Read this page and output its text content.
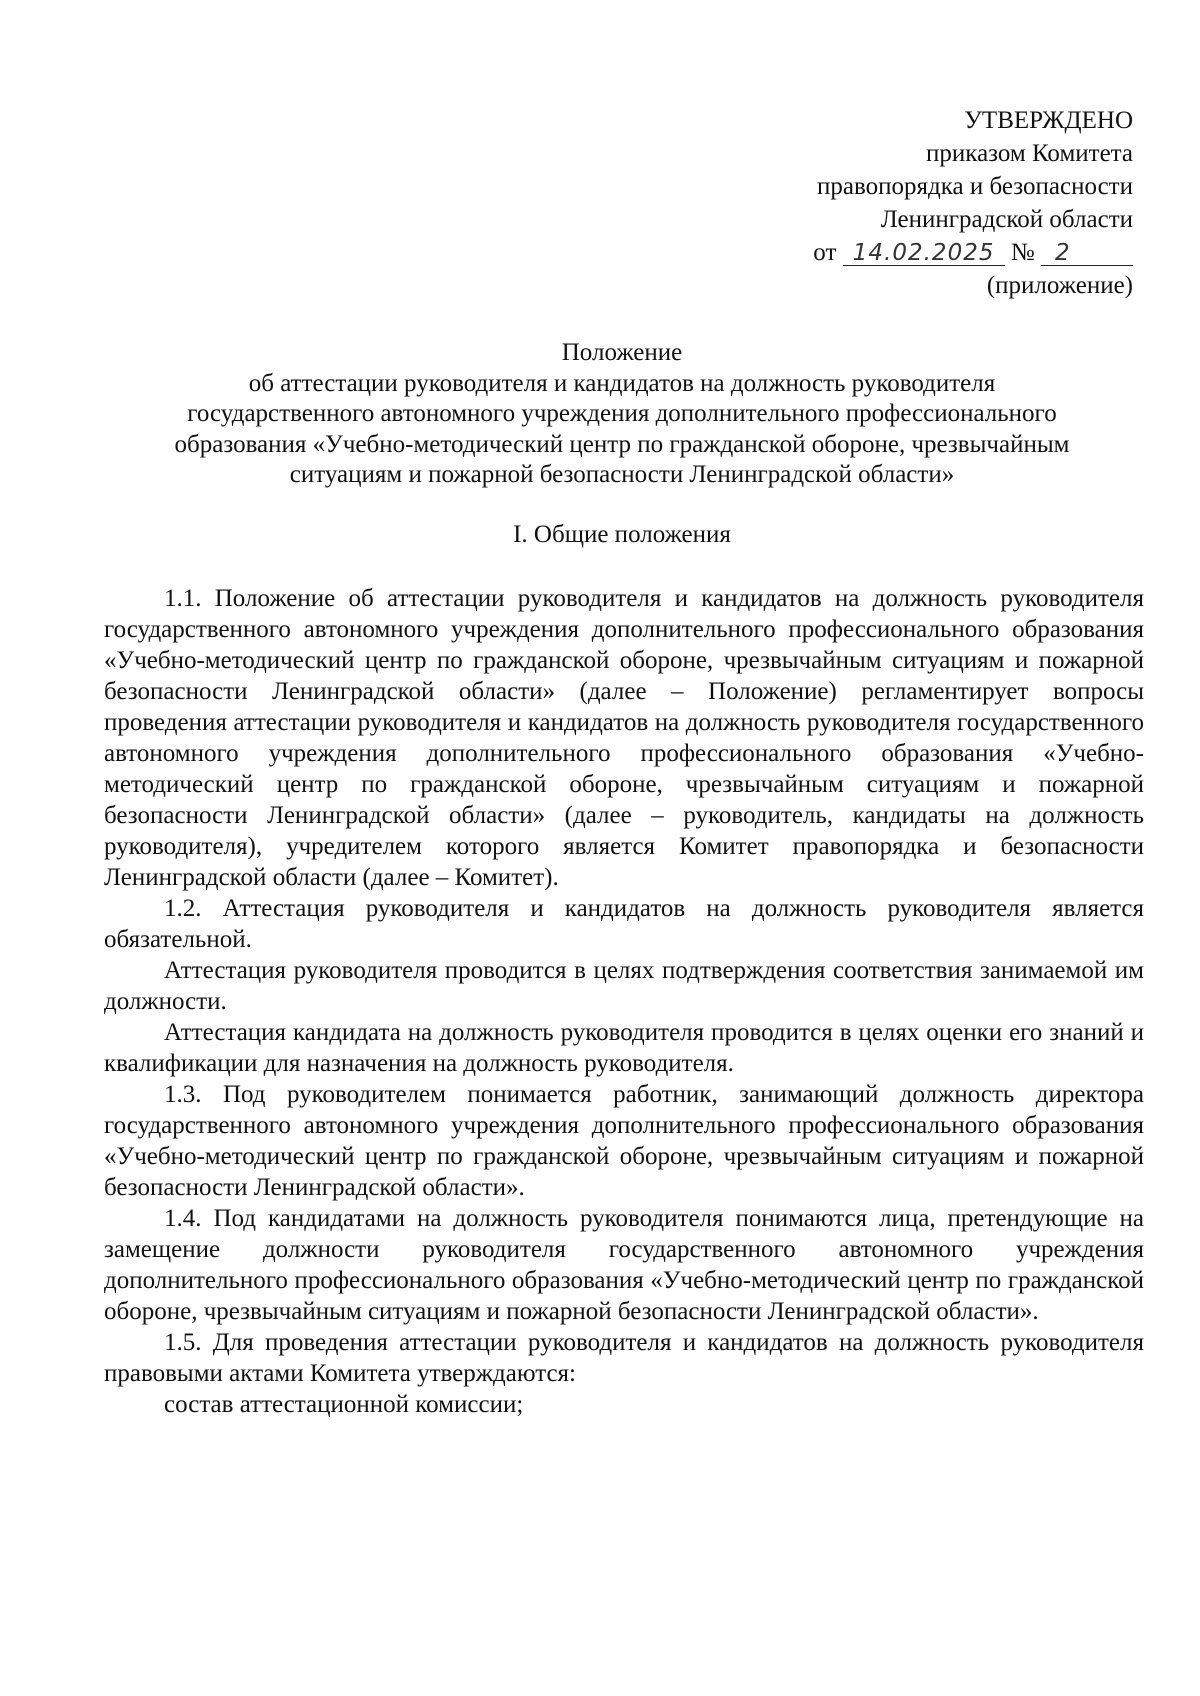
УТВЕРЖДЕНО
приказом Комитета
правопорядка и безопасности
Ленинградской области
от 14.02.2025 № 2
(приложение)
Положение
об аттестации руководителя и кандидатов на должность руководителя
государственного автономного учреждения дополнительного профессионального
образования «Учебно-методический центр по гражданской обороне, чрезвычайным
ситуациям и пожарной безопасности Ленинградской области»
I. Общие положения

1.1. Положение об аттестации руководителя и кандидатов на должность руководителя государственного автономного учреждения дополнительного профессионального образования «Учебно-методический центр по гражданской обороне, чрезвычайным ситуациям и пожарной безопасности Ленинградской области» (далее – Положение) регламентирует вопросы проведения аттестации руководителя и кандидатов на должность руководителя государственного автономного учреждения дополнительного профессионального образования «Учебно-методический центр по гражданской обороне, чрезвычайным ситуациям и пожарной безопасности Ленинградской области» (далее – руководитель, кандидаты на должность руководителя), учредителем которого является Комитет правопорядка и безопасности Ленинградской области (далее – Комитет).

1.2. Аттестация руководителя и кандидатов на должность руководителя является обязательной.

Аттестация руководителя проводится в целях подтверждения соответствия занимаемой им должности.

Аттестация кандидата на должность руководителя проводится в целях оценки его знаний и квалификации для назначения на должность руководителя.

1.3. Под руководителем понимается работник, занимающий должность директора государственного автономного учреждения дополнительного профессионального образования «Учебно-методический центр по гражданской обороне, чрезвычайным ситуациям и пожарной безопасности Ленинградской области».

1.4. Под кандидатами на должность руководителя понимаются лица, претендующие на замещение должности руководителя государственного автономного учреждения дополнительного профессионального образования «Учебно-методический центр по гражданской обороне, чрезвычайным ситуациям и пожарной безопасности Ленинградской области».

1.5. Для проведения аттестации руководителя и кандидатов на должность руководителя правовыми актами Комитета утверждаются:

состав аттестационной комиссии;
